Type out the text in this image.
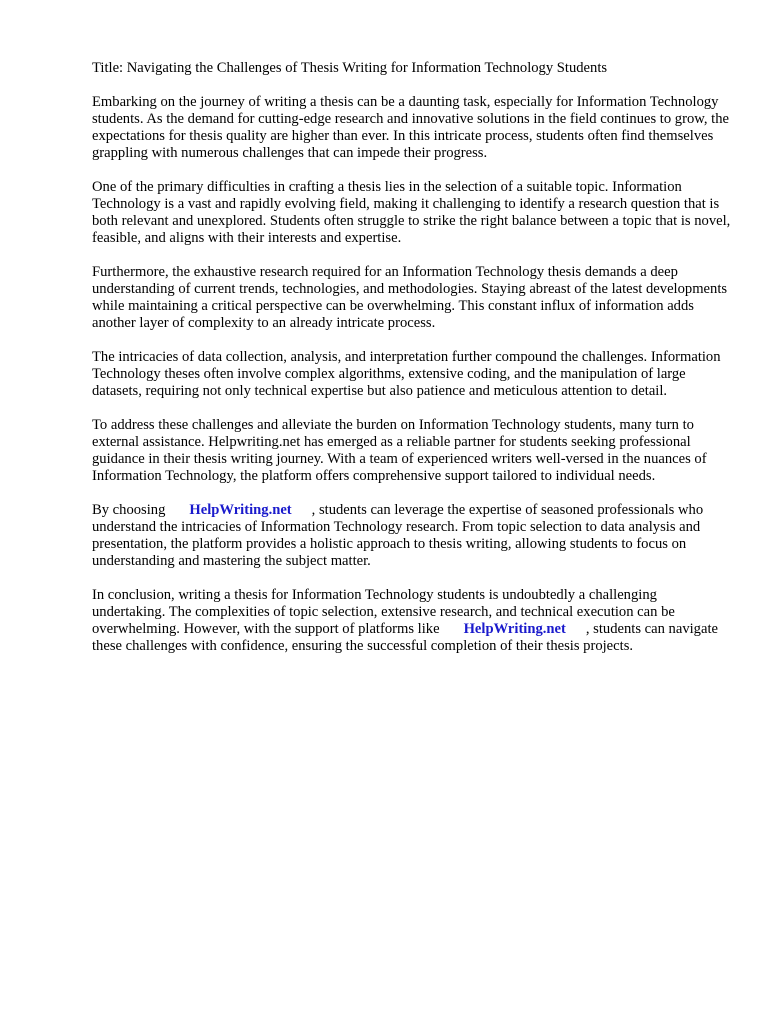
Title: Navigating the Challenges of Thesis Writing for Information Technology Students

Embarking on the journey of writing a thesis can be a daunting task, especially for Information Technology students. As the demand for cutting-edge research and innovative solutions in the field continues to grow, the expectations for thesis quality are higher than ever. In this intricate process, students often find themselves grappling with numerous challenges that can impede their progress.

One of the primary difficulties in crafting a thesis lies in the selection of a suitable topic. Information Technology is a vast and rapidly evolving field, making it challenging to identify a research question that is both relevant and unexplored. Students often struggle to strike the right balance between a topic that is novel, feasible, and aligns with their interests and expertise.

Furthermore, the exhaustive research required for an Information Technology thesis demands a deep understanding of current trends, technologies, and methodologies. Staying abreast of the latest developments while maintaining a critical perspective can be overwhelming. This constant influx of information adds another layer of complexity to an already intricate process.

The intricacies of data collection, analysis, and interpretation further compound the challenges. Information Technology theses often involve complex algorithms, extensive coding, and the manipulation of large datasets, requiring not only technical expertise but also patience and meticulous attention to detail.

To address these challenges and alleviate the burden on Information Technology students, many turn to external assistance. Helpwriting.net has emerged as a reliable partner for students seeking professional guidance in their thesis writing journey. With a team of experienced writers well-versed in the nuances of Information Technology, the platform offers comprehensive support tailored to individual needs.

By choosing HelpWriting.net , students can leverage the expertise of seasoned professionals who understand the intricacies of Information Technology research. From topic selection to data analysis and presentation, the platform provides a holistic approach to thesis writing, allowing students to focus on understanding and mastering the subject matter.

In conclusion, writing a thesis for Information Technology students is undoubtedly a challenging undertaking. The complexities of topic selection, extensive research, and technical execution can be overwhelming. However, with the support of platforms like HelpWriting.net , students can navigate these challenges with confidence, ensuring the successful completion of their thesis projects.
